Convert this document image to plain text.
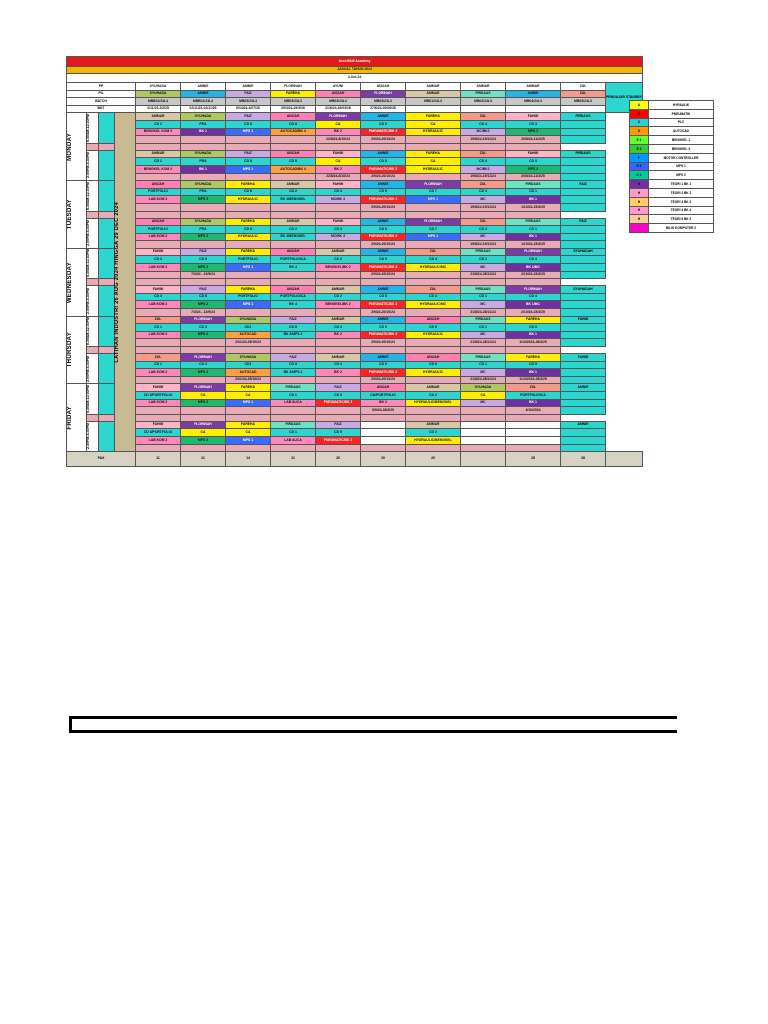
AccelSkill Academy														
JADUAL TAHUN 2024														
4-Oct-24														
PP				SYUHADA	AMNIE	AMNIE	FLORINAH	AYUNI	ANIJAH	AMMAR	AMMAR	AMMAR	ZUL	PENGAJAR STANDBY
PIL				SYUHADA	AMNIE	FAIZ	FAREHA	ANIJAH	FLORINAH	AMMAR	FIRDAUS	AMNIE	ZUL	
BATCH				MBB01/23L4	MBB01/23L3	MB03/23L4	MB03/23L3	MB03/23L3	MB03/23L3	MB01/24L3	MB02/24L3	MB04/24L3	MB03/24L3	
BKT				31/1/23-2/2/25	02/11/23-02/11/26	00/4/24-4/07/26	29/3/24-29/3/26	21/6/24-30/03/26	27/6/24-30/06/28					

MONDAY	8.30AM-12.30PM		LATIHAN INDUSTRI 26 AUG 2024 HINGGA 29 DEC 2024	AMMAR	SYUHADA	FAIZ	ANIJAH	FLORINAH	AMNIE	FAREHA	ZUL	FAHMI	FIRDAUS	
				CD 2	PRA	CD 8	CD 8	CA	CD 5	CA	CD 4	CD 3		
				BENGKEL KOM 2	BK 1	MPS 1	AUTOCAD/BK 4	BK 2	PNEUMATIC/BK 3	HYDRAULIC	MC/BK2	MPS 2		
								22/8/24-8/10/24	2/9/24-20/10/24		19/8/24-19/11/24	20/8/24-11/3/25		

	2.00PM-4.30PM			AMMAR	SYUHADA	FAIZ	ANIJAH	FAHMI	AMNIE	FAREHA	ZUL	FAHMI	FIRDAUS	
				CD 2	PRA	CD 8	CD 8	CA	CD 5	CA	CD 4	CD 3		
				BENGKEL KOM 2	BK 1	MPS 1	AUTOCAD/BK 4	BK 2	PNEUMATIC/BK 3	HYDRAULIC	MC/BK2	MPS 2		
								22/8/24-8/10/24	2/9/24-20/10/24		19/8/24-19/11/24	20/8/24-11/3/25		

TUESDAY	8.30AM-12.30PM			ANIJAH	SYUHADA	FAREHA	AMMAR	FAHMI	AMNIE	FLORINAH	ZUL	FIRDAUS	FAIZ	
				PORTFOLIO	PRA	CD 8	CD 2	CD 3	CD 5	CD 7	CD 4	CD 1		
				LAB KOM 2	MPS 2	HYDRAULIC	BK 4/BENGKEL	MC/BK 3	PNEUMATIC/BK 3	MPS 1	MC	BK 1		
									2/9/24-20/10/24		19/8/24-19/11/24	1/10/24-15/3/25		

	2.00PM-4.30PM			ANIJAH	SYUHADA	FAREHA	AMMAR	FAHMI	AMNIE	FLORINAH	ZUL	FIRDAUS	FAIZ	
				PORTFOLIO	PRA	CD 8	CD 2	CD 3	CD 5	CD 7	CD 4	CD 1		
				LAB KOM 2	MPS 2	HYDRAULIC	BK 4/BENGKEL	MC/BK 3	PNEUMATIC/BK 3	MPS 1	MC	BK 1		
									2/9/24-20/10/24		19/8/24-19/11/24	1/10/24-15/3/25		

WEDNESDAY	8.30AM-12.30PM			FAHMI	FAIZ	FAREHA	ANIJAH	AMMAR	AMNIE	ZUL	FIRDAUS	FLORINAH	SYUHADAH	
				CD 3	CD 8	PORTFOLIO	PORTFOLIO/CA	CD 2	CD 5	CD 4	CD 1	CD 4		
				LAB KOM 2	MPS 2	MPS 1	BK 4	BENGKEL/BK 2	PNEUMATIC/BK 3	HYDRAULIC/MC	MC	BK 1/MC		
					7/3/24 - 13/9/24				2/9/24-20/10/24		21/8/24-28/11/24	2/10/24-15/3/25		

	2.00PM-4.30PM			FAHMI	FAIZ	FAREHA	ANIJAH	AMMAR	AMNIE	ZUL	FIRDAUS	FLORINAH	SYUHADAH	
				CD 3	CD 8	PORTFOLIO	PORTFOLIO/CA	CD 2	CD 5	CD 4	CD 1	CD 4		
				LAB KOM 2	MPS 2	MPS 1	BK 4	BENGKEL/BK 2	PNEUMATIC/BK 3	HYDRAULIC/MC	MC	BK 1/MC		
					7/3/24 - 13/9/24				2/9/24-20/10/24		21/8/24-28/11/24	2/10/24-15/3/25		

THURSDAY	8.30AM-12.30PM			ZUL	FLORINAH	SYUHADA	FAIZ	AMMAR	AMNIE	ANIJAH	FIRDAUS	FAREHA	FAHMI	
				CD 1	CD 3	CD1	CD 8	CD 4	CD 5	CD 6	CD 1	CD 5		
				LAB KOM 2	MPS 2	AUTOCAD	BK 4/MPS 1	BK 2	PNEUMATIC/BK 3	HYDRAULIC	MC	BK 1		
						23/1/24-29/10/24			2/9/24-20/10/24		21/8/24-28/11/24	1/10/2024-28/3/25		

	2.00PM-4.30PM			ZUL	FLORINAH	SYUHADA	FAIZ	AMMAR	AMNIE	ANIJAH	FIRDAUS	FAREHA	FAHMI	
				CD 1	CD 3	CD1	CD 8	CD 4	CD 5	CD 6	CD 1	CD 5		
				LAB KOM 2	MPS 2	AUTOCAD	BK 4/MPS 1	BK 2	PNEUMATIC/BK 3	HYDRAULIC	MC	BK 1		
						23/1/24-29/10/24			2/9/24-20/10/24		21/8/24-28/11/24	1/10/2024-28/3/25		

FRIDAY	8.30AM-12.00PM			FAHMI	FLORINAH	FAREHA	FIRDAUS	FAIZ	ANIJAH	AMMAR	SYUHADA	ZUL	AMNIE	
				CD 3/PORTFOLIO	CA	CA	CD 1	CD 5	CA/PORTFOLIO	CD 2	CA	PORTFOLIO/CA		
				LAB KOM 2	MPS 2	MPS 1	LAB AUCA	PNEUMATIC/BK 3	BK 3	HYDRAULIC/BENGKEL	MC	BK 1		
									5/9/24-28/3/25			4/10/2024		

	2.30PM-4.30PM			FAHMI	FLORINAH	FAREHA	FIRDAUS	FAIZ		AMMAR			AMNIE	
				CD 3/PORTFOLIO	CA	CA	CD 1	CD 5		CD 2				
				LAB KOM 2	MPS 2	MPS 1	LAB AUCA	PNEUMATIC/BK 3		HYDRAULIC/BENGKEL				

PAX				11	21	14	21	20	20	20		25	28	
A	HYRAULIK
B	PNEUMATIK
C	PLC
D	AUTOCAD
E 1	BENGKEL 1
E 2	BENGKEL 3
F	MOTOR CONTROLLER
G 1	MPS 1
G 2	MPS 2
H	TEORI 1 BK 1
H	TEORI 2 BK 2
H	TEORI 3 BK 3
H	TEORI 4 BK 4
H	TEORI 5 BK 5
I	BILIK KOMPUTER 2
